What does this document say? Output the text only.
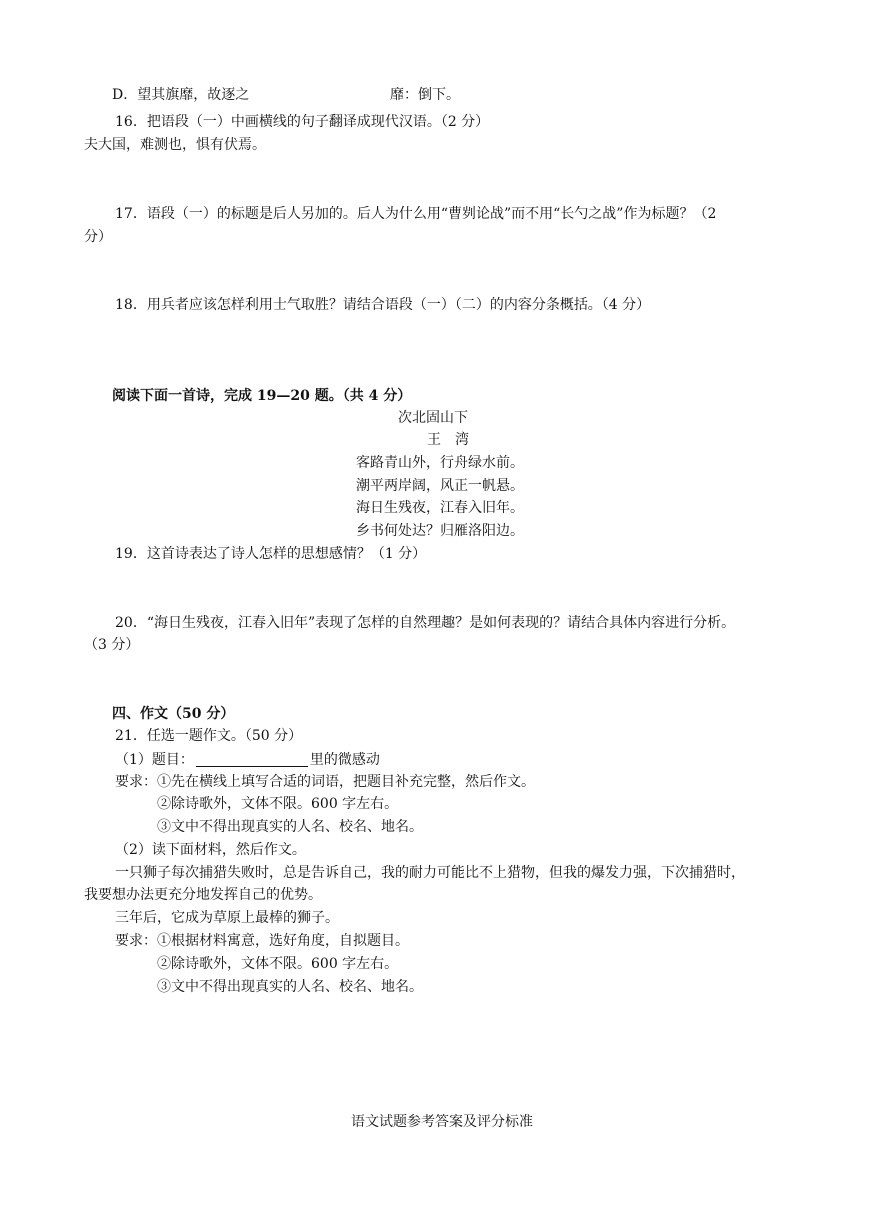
D．望其旗靡，故逐之	靡：倒下。
16．把语段（一）中画横线的句子翻译成现代汉语。（2 分）
夫大国，难测也，惧有伏焉。
17．语段（一）的标题是后人另加的。后人为什么用“曹刿论战”而不用“长勺之战”作为标题？（2
分）
18．用兵者应该怎样利用士气取胜？请结合语段（一）（二）的内容分条概括。（4 分）
阅读下面一首诗，完成 19—20 题。（共 4 分）
次北固山下
王　湾
客路青山外，行舟绿水前。
潮平两岸阔，风正一帆悬。
海日生残夜，江春入旧年。
乡书何处达？归雁洛阳边。
19．这首诗表达了诗人怎样的思想感情？（1 分）
20．“海日生残夜，江春入旧年”表现了怎样的自然理趣？是如何表现的？请结合具体内容进行分析。
（3 分）
四、作文（50 分）
21．任选一题作文。（50 分）
（1）题目：	里的微感动
要求：①先在横线上填写合适的词语，把题目补充完整，然后作文。
②除诗歌外，文体不限。600 字左右。
③文中不得出现真实的人名、校名、地名。
（2）读下面材料，然后作文。
一只狮子每次捕猎失败时，总是告诉自己，我的耐力可能比不上猎物，但我的爆发力强，下次捕猎时，
我要想办法更充分地发挥自己的优势。
三年后，它成为草原上最棒的狮子。
要求：①根据材料寓意，选好角度，自拟题目。
②除诗歌外，文体不限。600 字左右。
③文中不得出现真实的人名、校名、地名。
语文试题参考答案及评分标准
